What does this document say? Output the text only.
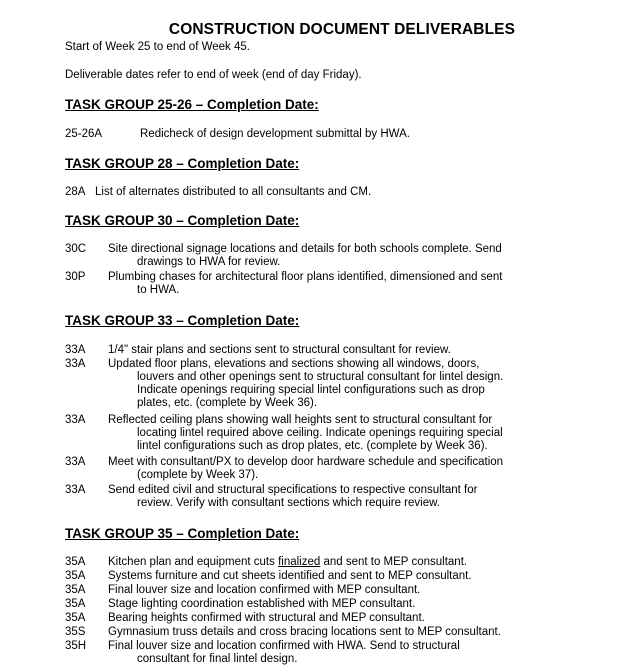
CONSTRUCTION DOCUMENT DELIVERABLES
Start of Week 25 to end of Week 45.
Deliverable dates refer to end of week (end of day Friday).
TASK GROUP 25-26 – Completion Date:
25-26A	Redicheck of design development submittal by HWA.
TASK GROUP 28 – Completion Date:
28A List of alternates distributed to all consultants and CM.
TASK GROUP 30 – Completion Date:
30C Site directional signage locations and details for both schools complete. Send
drawings to HWA for review.
30P Plumbing chases for architectural floor plans identified, dimensioned and sent
to HWA.
TASK GROUP 33 – Completion Date:
33A 1/4" stair plans and sections sent to structural consultant for review.
33A Updated floor plans, elevations and sections showing all windows, doors,
louvers and other openings sent to structural consultant for lintel design.
Indicate openings requiring special lintel configurations such as drop
plates, etc. (complete by Week 36).
33A Reflected ceiling plans showing wall heights sent to structural consultant for
locating lintel required above ceiling. Indicate openings requiring special
lintel configurations such as drop plates, etc. (complete by Week 36).
33A Meet with consultant/PX to develop door hardware schedule and specification
(complete by Week 37).
33A Send edited civil and structural specifications to respective consultant for
review. Verify with consultant sections which require review.
TASK GROUP 35 – Completion Date:
35A Kitchen plan and equipment cuts finalized and sent to MEP consultant.
35A Systems furniture and cut sheets identified and sent to MEP consultant.
35A Final louver size and location confirmed with MEP consultant.
35A Stage lighting coordination established with MEP consultant.
35A Bearing heights confirmed with structural and MEP consultant.
35S Gymnasium truss details and cross bracing locations sent to MEP consultant.
35H Final louver size and location confirmed with HWA. Send to structural
consultant for final lintel design.
